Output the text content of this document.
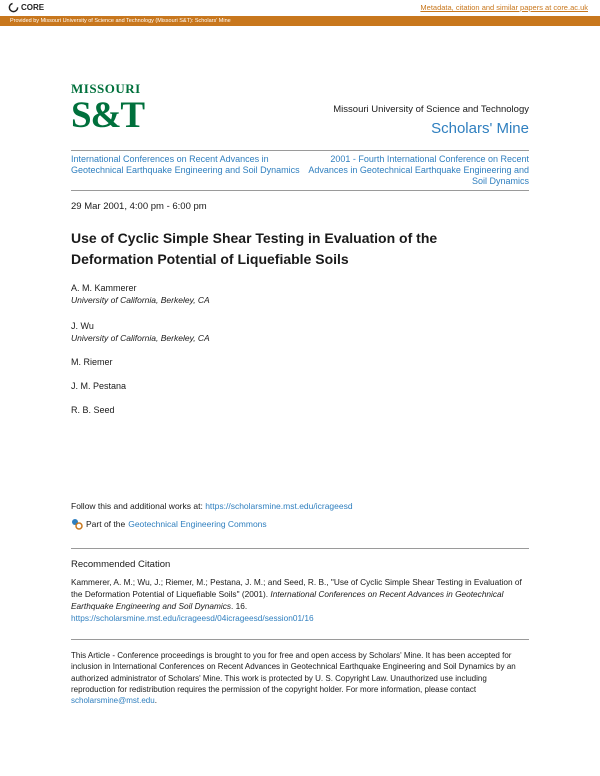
CORE	Metadata, citation and similar papers at core.ac.uk
Provided by Missouri University of Science and Technology (Missouri S&T): Scholars' Mine
MISSOURI
S&T	Missouri University of Science and Technology
Scholars' Mine
International Conferences on Recent Advances in Geotechnical Earthquake Engineering and Soil Dynamics
2001 - Fourth International Conference on Recent Advances in Geotechnical Earthquake Engineering and Soil Dynamics
29 Mar 2001, 4:00 pm - 6:00 pm
Use of Cyclic Simple Shear Testing in Evaluation of the Deformation Potential of Liquefiable Soils
A. M. Kammerer
University of California, Berkeley, CA
J. Wu
University of California, Berkeley, CA
M. Riemer
J. M. Pestana
R. B. Seed
Follow this and additional works at: https://scholarsmine.mst.edu/icrageesd
Part of the Geotechnical Engineering Commons
Recommended Citation
Kammerer, A. M.; Wu, J.; Riemer, M.; Pestana, J. M.; and Seed, R. B., "Use of Cyclic Simple Shear Testing in Evaluation of the Deformation Potential of Liquefiable Soils" (2001). International Conferences on Recent Advances in Geotechnical Earthquake Engineering and Soil Dynamics. 16.
https://scholarsmine.mst.edu/icrageesd/04icrageesd/session01/16
This Article - Conference proceedings is brought to you for free and open access by Scholars' Mine. It has been accepted for inclusion in International Conferences on Recent Advances in Geotechnical Earthquake Engineering and Soil Dynamics by an authorized administrator of Scholars' Mine. This work is protected by U. S. Copyright Law. Unauthorized use including reproduction for redistribution requires the permission of the copyright holder. For more information, please contact scholarsmine@mst.edu.
